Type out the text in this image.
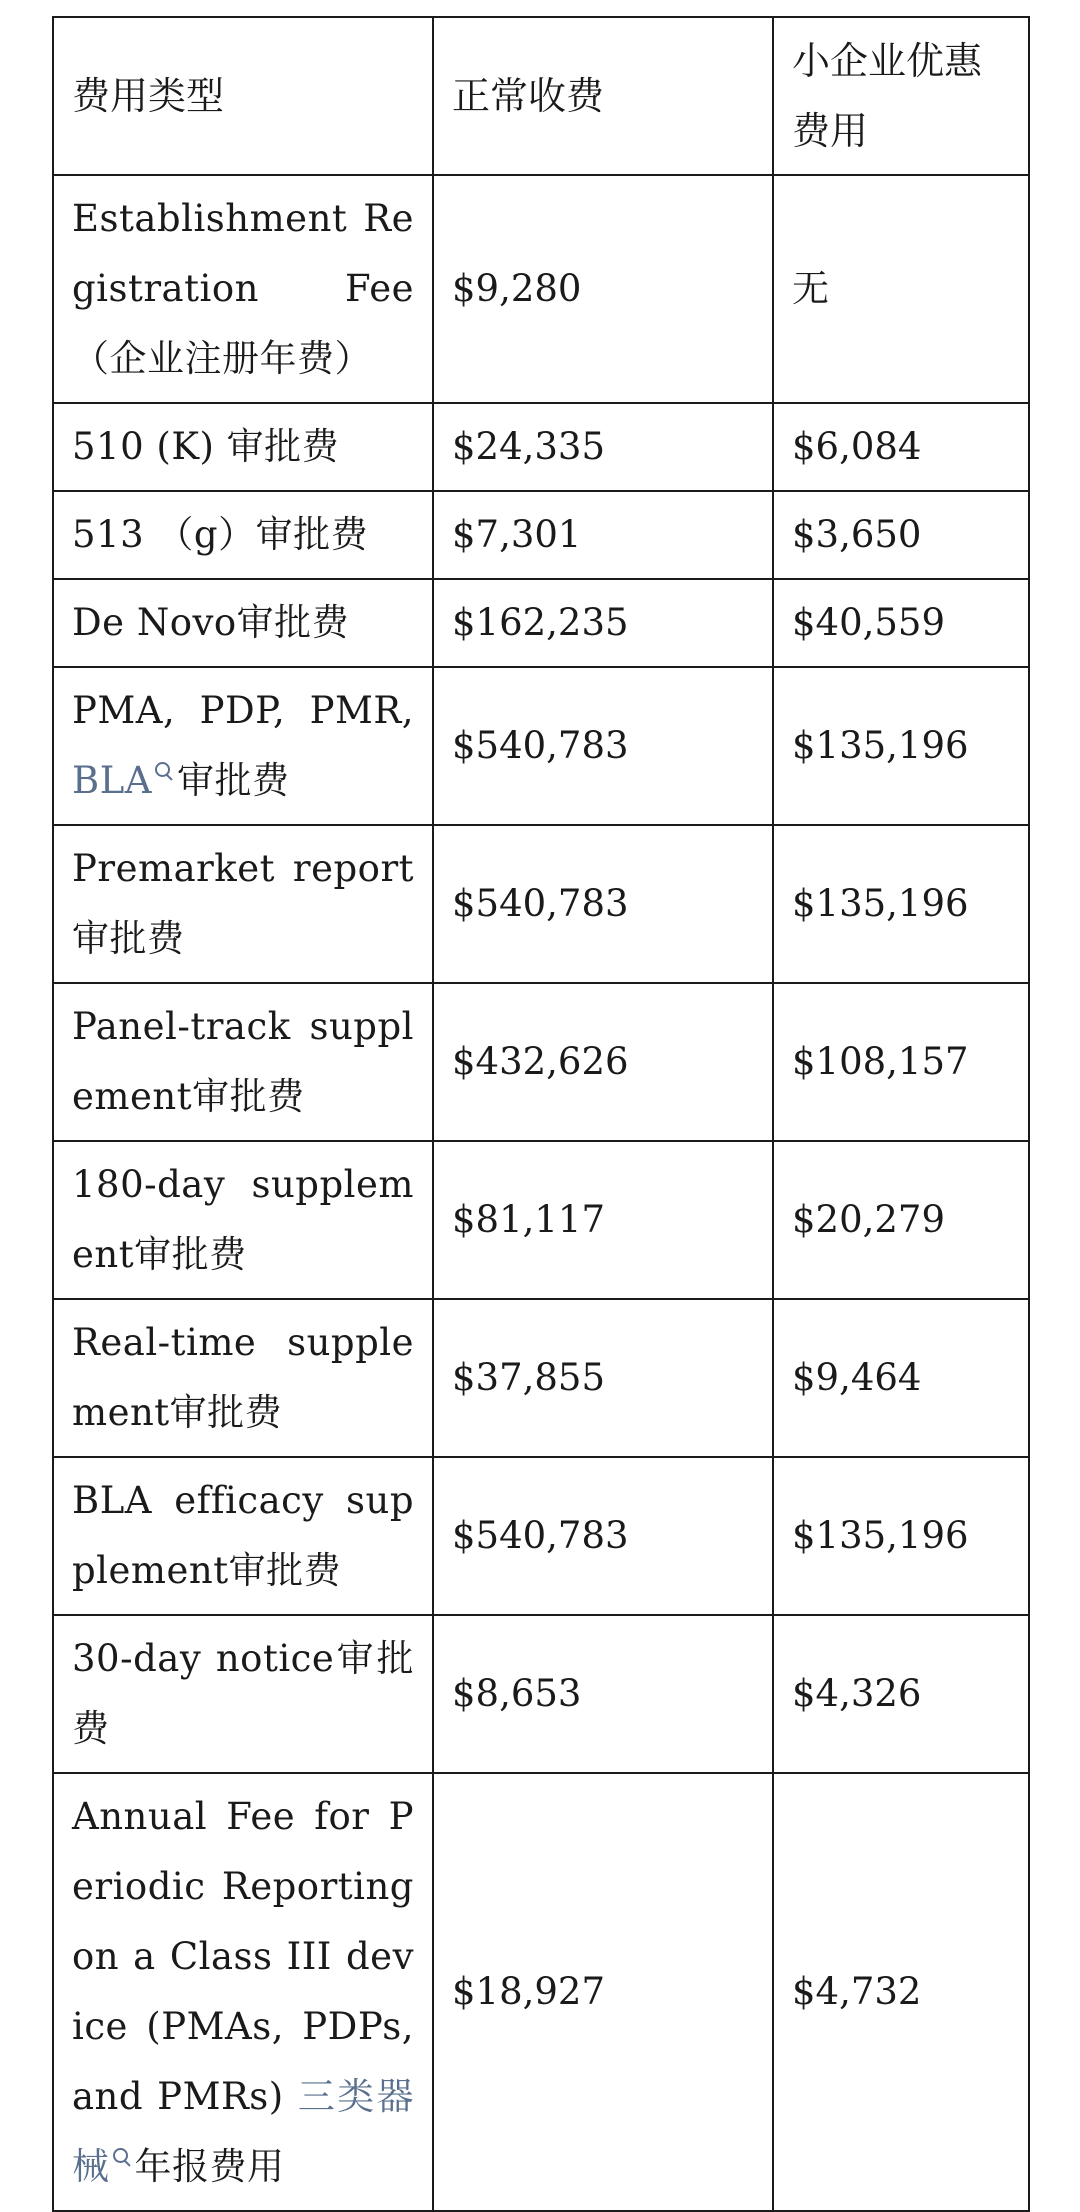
费用类型	正常收费	小企业优惠费用
Establishment Registration Fee（企业注册年费）	$9,280	无
510 (K) 审批费	$24,335	$6,084
513 （g）审批费	$7,301	$3,650
De Novo审批费	$162,235	$40,559
PMA, PDP, PMR, BLA 审批费	$540,783	$135,196
Premarket report审批费	$540,783	$135,196
Panel-track supplement审批费	$432,626	$108,157
180-day supplement审批费	$81,117	$20,279
Real-time supplement审批费	$37,855	$9,464
BLA efficacy supplement审批费	$540,783	$135,196
30-day notice审批费	$8,653	$4,326
Annual Fee for Periodic Reporting on a Class III device (PMAs, PDPs, and PMRs) 三类器械 年报费用	$18,927	$4,732
